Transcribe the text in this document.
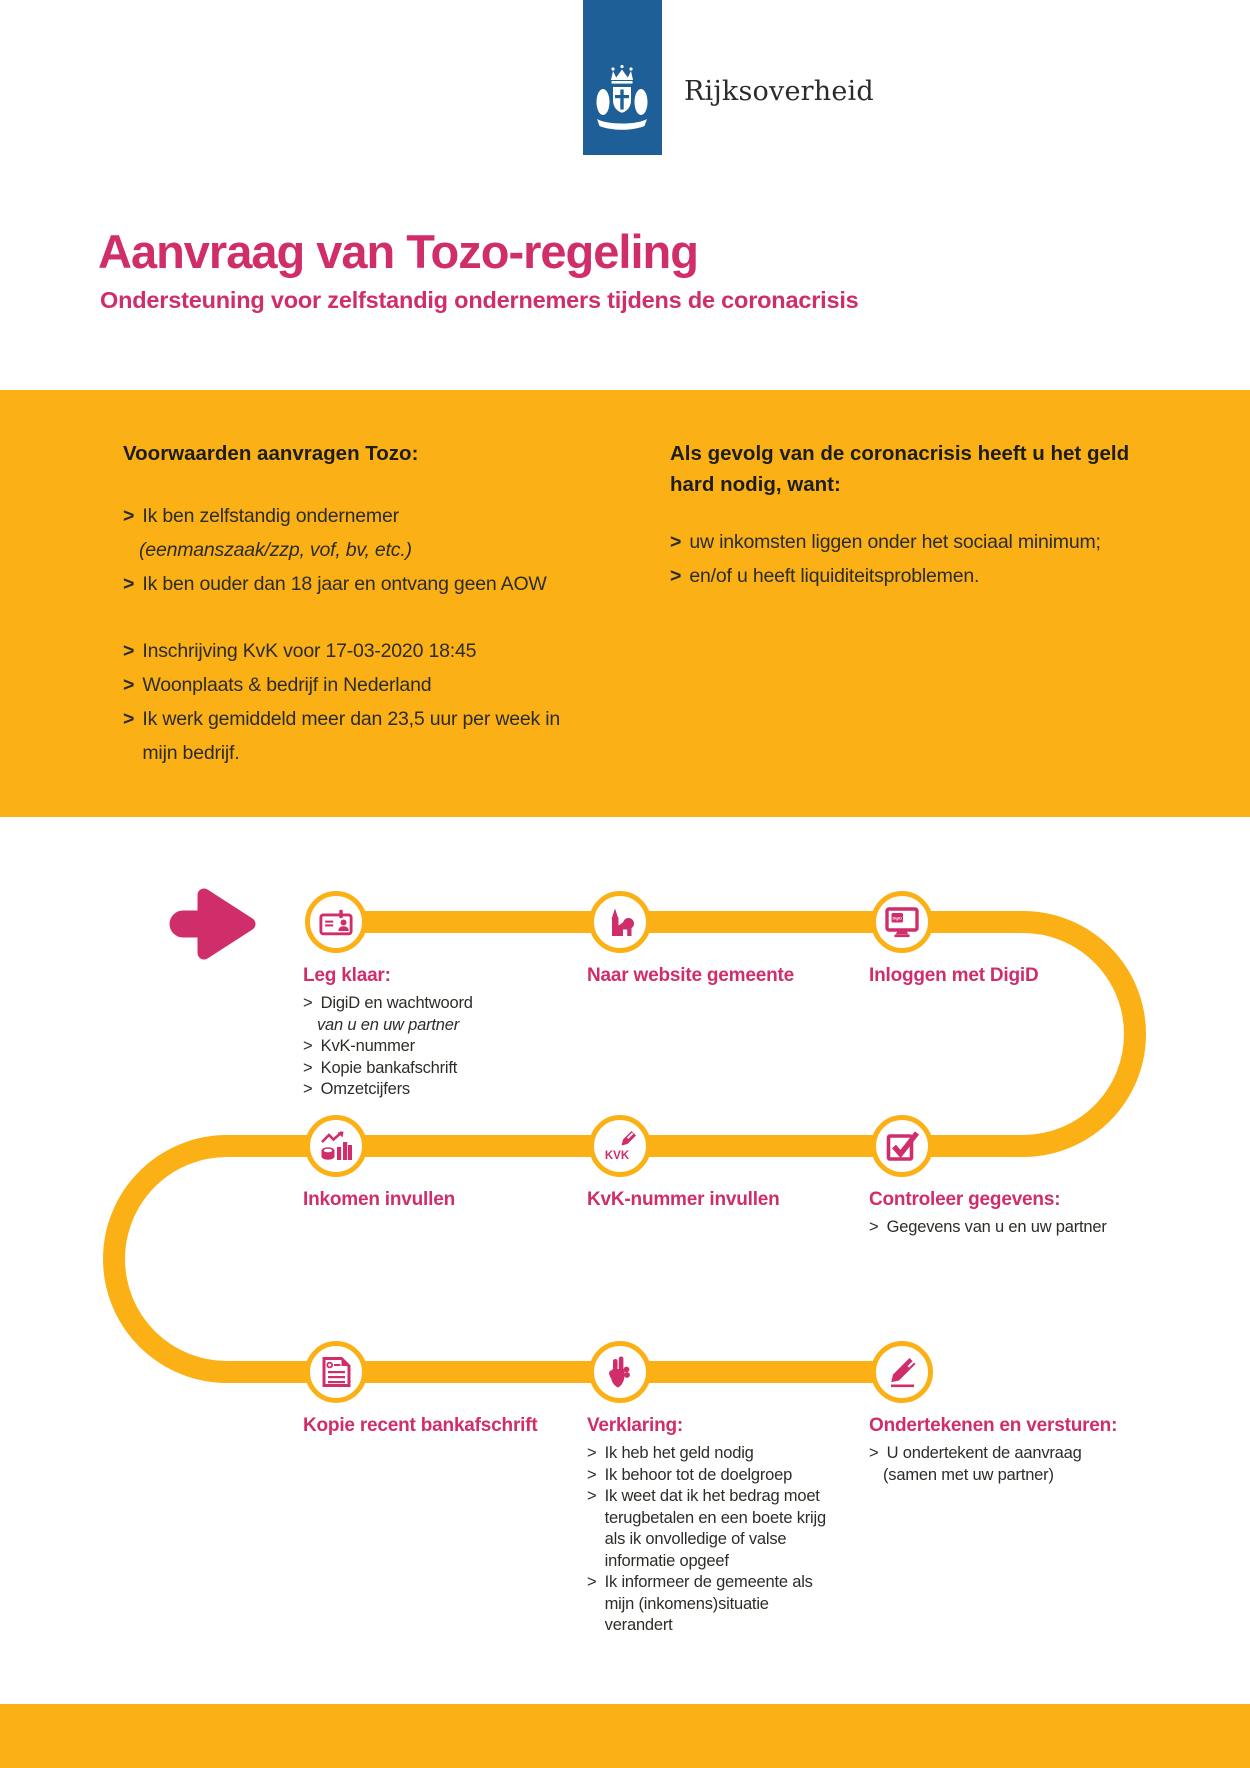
Rijksoverheid
Aanvraag van Tozo-regeling
Ondersteuning voor zelfstandig ondernemers tijdens de coronacrisis
Voorwaarden aanvragen Tozo:
> Ik ben zelfstandig ondernemer
(eenmanszaak/zzp, vof, bv, etc.)
> Ik ben ouder dan 18 jaar en ontvang geen AOW
> Inschrijving KvK voor 17-03-2020 18:45
> Woonplaats & bedrijf in Nederland
> Ik werk gemiddeld meer dan 23,5 uur per week in mijn bedrijf.
Als gevolg van de coronacrisis heeft u het geld hard nodig, want:
> uw inkomsten liggen onder het sociaal minimum;
> en/of u heeft liquiditeitsproblemen.
Leg klaar:
> DigiD en wachtwoord
van u en uw partner
> KvK-nummer
> Kopie bankafschrift
> Omzetcijfers
Naar website gemeente
DigiD
Inloggen met DigiD
Inkomen invullen
KVK
KvK-nummer invullen	Controleer gegevens:
> Gegevens van u en uw partner
Kopie recent bankafschrift	Verklaring:
> Ik heb het geld nodig
> Ik behoor tot de doelgroep
> Ik weet dat ik het bedrag moet terugbetalen en een boete krijg als ik onvolledige of valse informatie opgeef
> Ik informeer de gemeente als mijn (inkomens)situatie verandert
Ondertekenen en versturen:
> U ondertekent de aanvraag
(samen met uw partner)
